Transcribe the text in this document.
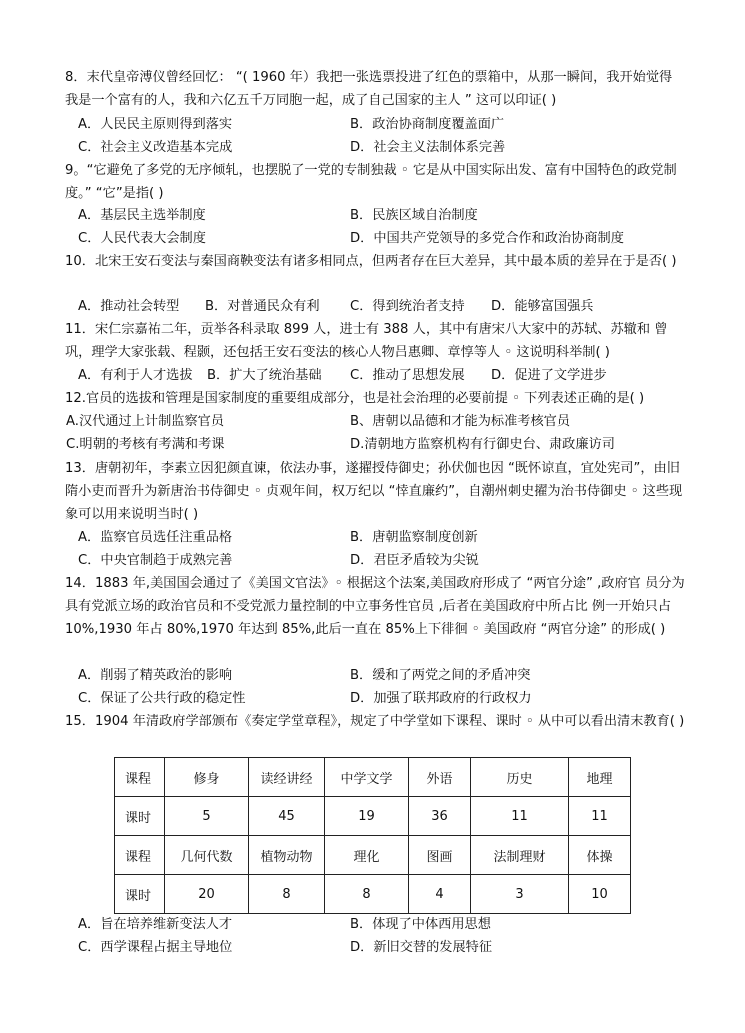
8．末代皇帝溥仪曾经回忆： “( 1960 年）我把一张选票投进了红色的票箱中，从那一瞬间，我开始觉得我是一个富有的人，我和六亿五千万同胞一起，成了自己国家的主人 ” 这可以印证( )

A．人民民主原则得到落实	B．政治协商制度覆盖面广
C．社会主义改造基本完成	D．社会主义法制体系完善

9。“它避免了多党的无序倾轧，也摆脱了一党的专制独裁 ◦ 它是从中国实际出发、富有中国特色的政党制度。” “它”是指( )

A．基层民主选举制度	B．民族区域自治制度
C．人民代表大会制度	D．中国共产党领导的多党合作和政治协商制度

10．北宋王安石变法与秦国商鞅变法有诸多相同点，但两者存在巨大差异，其中最本质的差异在于是否( )

A．推动社会转型 B．对普通民众有利 C．得到统治者支持 D．能够富国强兵

11．宋仁宗嘉祐二年，贡举各科录取 899 人，进士有 388 人，其中有唐宋八大家中的苏轼、苏辙和 曾巩，理学大家张载、程颢，还包括王安石变法的核心人物吕惠卿、章惇等人 ◦ 这说明科举制( )

A．有利于人才选拔 B．扩大了统治基础 C．推动了思想发展 D．促进了文学进步

12.官员的选拔和管理是国家制度的重要组成部分，也是社会治理的必要前提 ◦ 下列表述正确的是( )

A.汉代通过上计制监察官员	B、唐朝以品德和才能为标准考核官员
C.明朝的考核有考满和考课	D.清朝地方监察机构有行御史台、肃政廉访司

13．唐朝初年，李素立因犯颜直谏，依法办事，遂擢授侍御史；孙伏伽也因 “既怀谅直，宜处宪司”，由旧隋小吏而晋升为新唐治书侍御史 ◦ 贞观年间，权万纪以 “悻直廉约”，自潮州刺史擢为治书侍御史 ◦ 这些现象可以用来说明当时( )

A．监察官员选任注重品格	B．唐朝监察制度创新
C．中央官制趋于成熟完善	D．君臣矛盾较为尖锐

14．1883 年,美国国会通过了《美国文官法》◦ 根据这个法案,美国政府形成了 “两官分途” ,政府官 员分为具有党派立场的政治官员和不受党派力量控制的中立事务性官员 ,后者在美国政府中所占比 例一开始只占 10%,1930 年占 80%,1970 年达到 85%,此后一直在 85%上下徘徊 ◦ 美国政府 “两官分途” 的形成( )

A．削弱了精英政治的影响	B．缓和了两党之间的矛盾冲突
C．保证了公共行政的稳定性	D．加强了联邦政府的行政权力

15．1904 年清政府学部颁布《奏定学堂章程》，规定了中学堂如下课程、课时 ◦ 从中可以看出清末教育( )

课程	修身	读经讲经	中学文学	外语	历史	地理
课时	5	45	19	36	11	11
课程	几何代数	植物动物	理化	图画	法制理财	体操
课时	20	8	8	4	3	10
A．旨在培养维新变法人才	B．体现了中体西用思想
C．西学课程占据主导地位	D．新旧交替的发展特征
